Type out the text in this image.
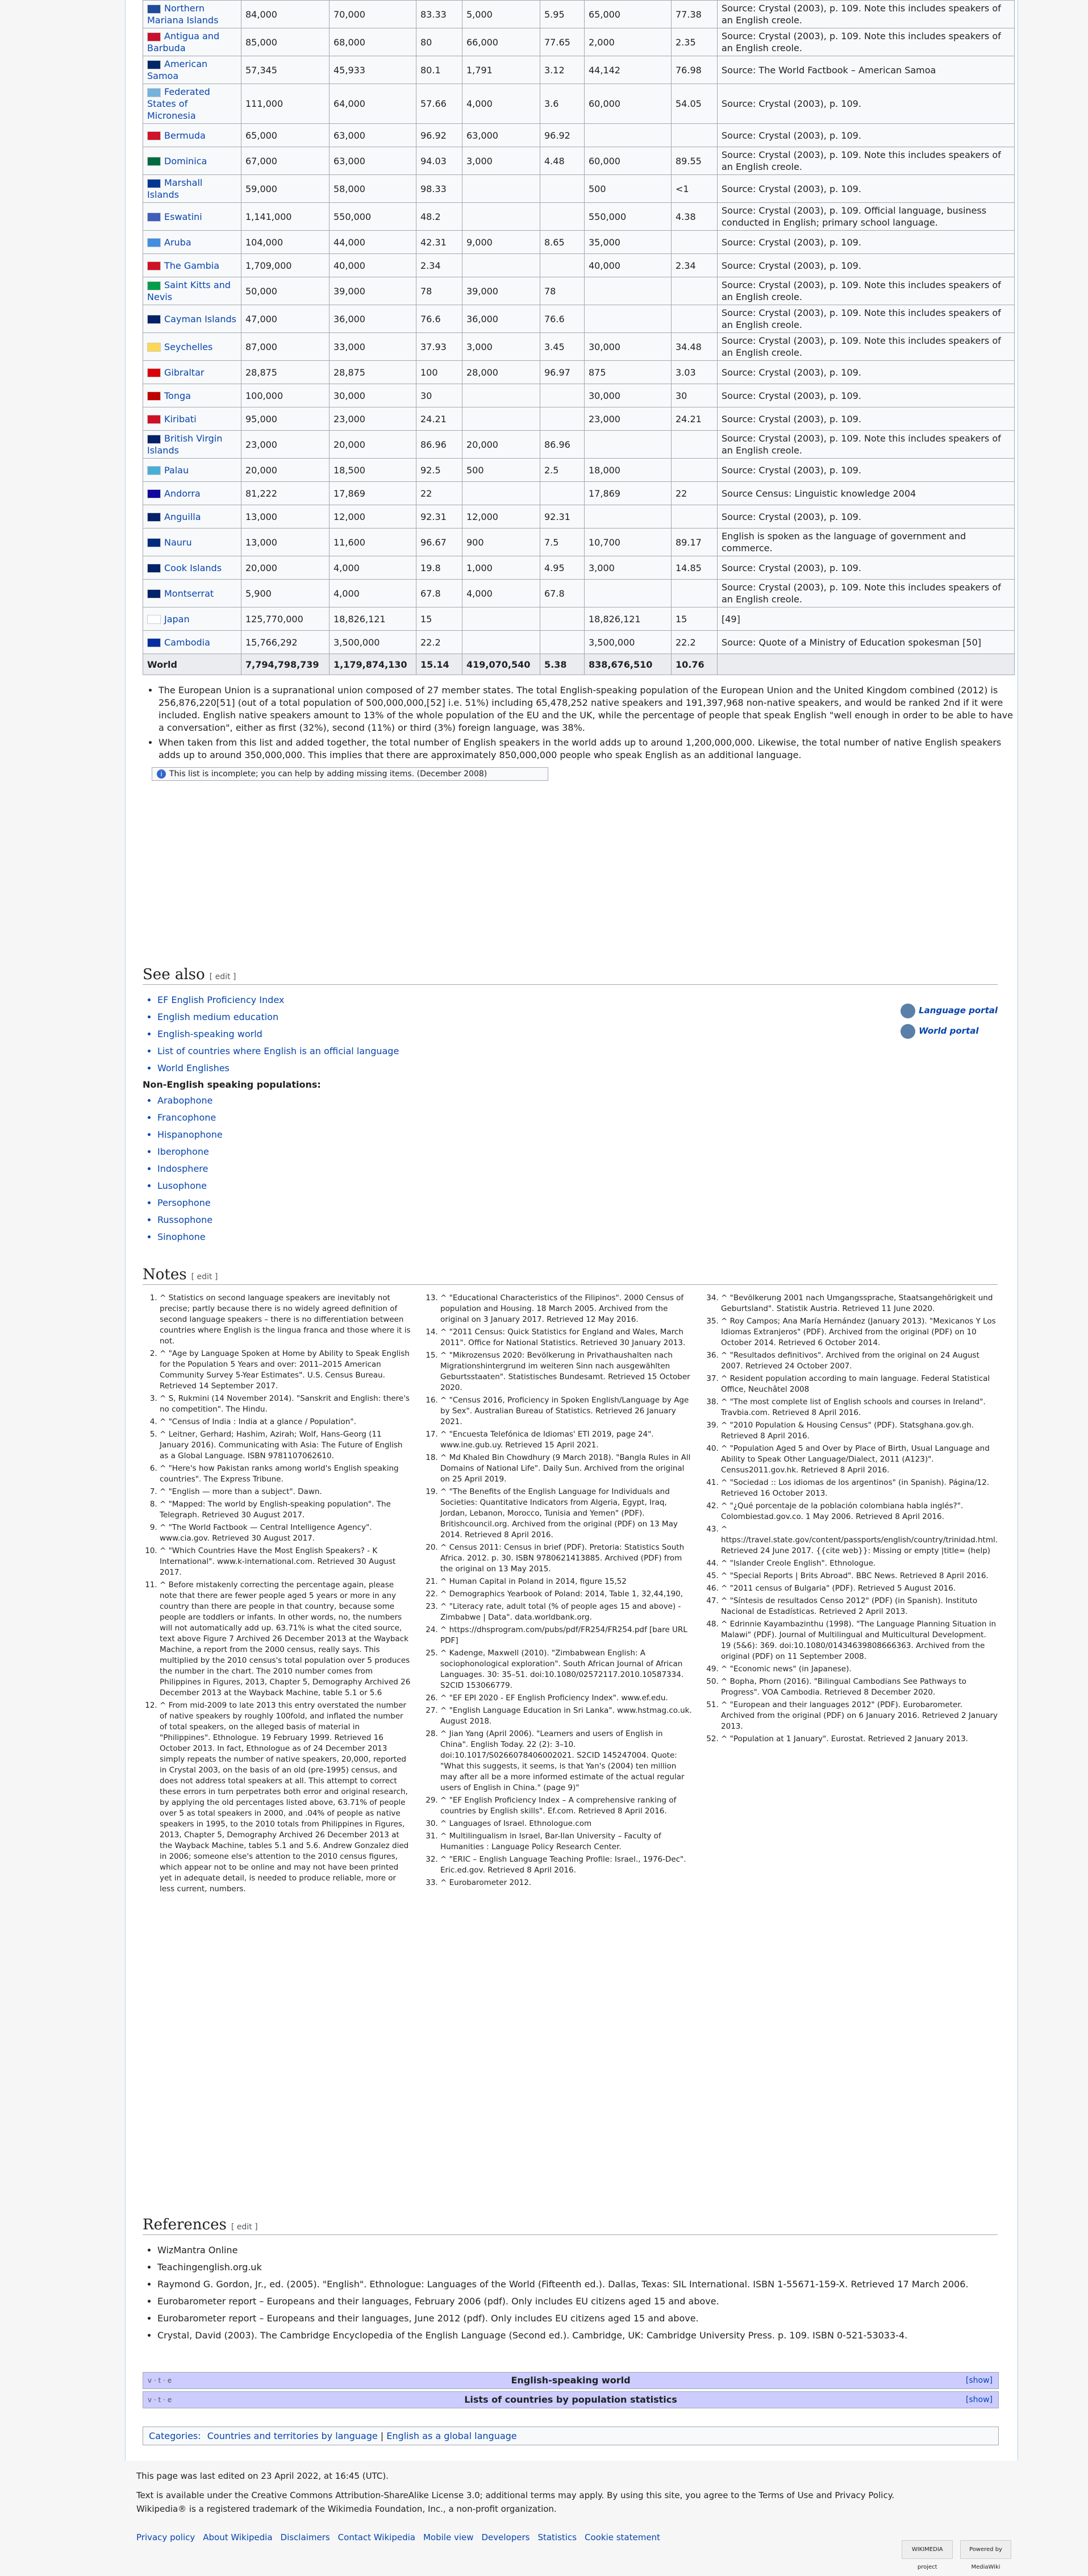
Northern Mariana Islands	84,000	70,000	83.33	5,000	5.95	65,000	77.38	Source: Crystal (2003), p. 109. Note this includes speakers of an English creole.
Antigua and Barbuda	85,000	68,000	80	66,000	77.65	2,000	2.35	Source: Crystal (2003), p. 109. Note this includes speakers of an English creole.
American Samoa	57,345	45,933	80.1	1,791	3.12	44,142	76.98	Source: The World Factbook – American Samoa
Federated States of Micronesia	111,000	64,000	57.66	4,000	3.6	60,000	54.05	Source: Crystal (2003), p. 109.
Bermuda	65,000	63,000	96.92	63,000	96.92			Source: Crystal (2003), p. 109.
Dominica	67,000	63,000	94.03	3,000	4.48	60,000	89.55	Source: Crystal (2003), p. 109. Note this includes speakers of an English creole.
Marshall Islands	59,000	58,000	98.33			500	<1	Source: Crystal (2003), p. 109.
Eswatini	1,141,000	550,000	48.2			550,000	4.38	Source: Crystal (2003), p. 109. Official language, business conducted in English; primary school language.
Aruba	104,000	44,000	42.31	9,000	8.65	35,000		Source: Crystal (2003), p. 109.
The Gambia	1,709,000	40,000	2.34			40,000	2.34	Source: Crystal (2003), p. 109.
Saint Kitts and Nevis	50,000	39,000	78	39,000	78			Source: Crystal (2003), p. 109. Note this includes speakers of an English creole.
Cayman Islands	47,000	36,000	76.6	36,000	76.6			Source: Crystal (2003), p. 109. Note this includes speakers of an English creole.
Seychelles	87,000	33,000	37.93	3,000	3.45	30,000	34.48	Source: Crystal (2003), p. 109. Note this includes speakers of an English creole.
Gibraltar	28,875	28,875	100	28,000	96.97	875	3.03	Source: Crystal (2003), p. 109.
Tonga	100,000	30,000	30			30,000	30	Source: Crystal (2003), p. 109.
Kiribati	95,000	23,000	24.21			23,000	24.21	Source: Crystal (2003), p. 109.
British Virgin Islands	23,000	20,000	86.96	20,000	86.96			Source: Crystal (2003), p. 109. Note this includes speakers of an English creole.
Palau	20,000	18,500	92.5	500	2.5	18,000		Source: Crystal (2003), p. 109.
Andorra	81,222	17,869	22			17,869	22	Source Census: Linguistic knowledge 2004
Anguilla	13,000	12,000	92.31	12,000	92.31			Source: Crystal (2003), p. 109.
Nauru	13,000	11,600	96.67	900	7.5	10,700	89.17	English is spoken as the language of government and commerce.
Cook Islands	20,000	4,000	19.8	1,000	4.95	3,000	14.85	Source: Crystal (2003), p. 109.
Montserrat	5,900	4,000	67.8	4,000	67.8			Source: Crystal (2003), p. 109. Note this includes speakers of an English creole.
Japan	125,770,000	18,826,121	15			18,826,121	15	[49]
Cambodia	15,766,292	3,500,000	22.2			3,500,000	22.2	Source: Quote of a Ministry of Education spokesman [50]
World	7,794,798,739	1,179,874,130	15.14	419,070,540	5.38	838,676,510	10.76	
• The European Union is a supranational union composed of 27 member states. The total English-speaking population of the European Union and the United Kingdom combined (2012) is 256,876,220[51] (out of a total population of 500,000,000,[52] i.e. 51%) including 65,478,252 native speakers and 191,397,968 non-native speakers, and would be ranked 2nd if it were included. English native speakers amount to 13% of the whole population of the EU and the UK, while the percentage of people that speak English "well enough in order to be able to have a conversation", either as first (32%), second (11%) or third (3%) foreign language, was 38%.
• When taken from this list and added together, the total number of English speakers in the world adds up to around 1,200,000,000. Likewise, the total number of native English speakers adds up to around 350,000,000. This implies that there are approximately 850,000,000 people who speak English as an additional language.
i This list is incomplete; you can help by adding missing items. (December 2008)
See also [ edit ]
• EF English Proficiency Index
• English medium education
• English-speaking world
• List of countries where English is an official language
• World Englishes
Non-English speaking populations:
• Arabophone
• Francophone
• Hispanophone
• Iberophone
• Indosphere
• Lusophone
• Persophone
• Russophone
• Sinophone
Language portal
World portal
Notes [ edit ]
1. ^ Statistics on second language speakers are inevitably not precise; partly because there is no widely agreed definition of second language speakers – there is no differentiation between countries where English is the lingua franca and those where it is not.
2. ^ "Age by Language Spoken at Home by Ability to Speak English for the Population 5 Years and over: 2011–2015 American Community Survey 5-Year Estimates". U.S. Census Bureau. Retrieved 14 September 2017.
3. ^ S, Rukmini (14 November 2014). "Sanskrit and English: there's no competition". The Hindu.
4. ^ "Census of India : India at a glance / Population".
5. ^ Leitner, Gerhard; Hashim, Azirah; Wolf, Hans-Georg (11 January 2016). Communicating with Asia: The Future of English as a Global Language. ISBN 9781107062610.
6. ^ "Here's how Pakistan ranks among world's English speaking countries". The Express Tribune.
7. ^ "English — more than a subject". Dawn.
8. ^ "Mapped: The world by English-speaking population". The Telegraph. Retrieved 30 August 2017.
9. ^ "The World Factbook — Central Intelligence Agency". www.cia.gov. Retrieved 30 August 2017.
10. ^ "Which Countries Have the Most English Speakers? - K International". www.k-international.com. Retrieved 30 August 2017.
11. ^ Before mistakenly correcting the percentage again, please note that there are fewer people aged 5 years or more in any country than there are people in that country, because some people are toddlers or infants. In other words, no, the numbers will not automatically add up. 63.71% is what the cited source, text above Figure 7 Archived 26 December 2013 at the Wayback Machine, a report from the 2000 census, really says. This multiplied by the 2010 census's total population over 5 produces the number in the chart. The 2010 number comes from Philippines in Figures, 2013, Chapter 5, Demography Archived 26 December 2013 at the Wayback Machine, table 5.1 or 5.6
12. ^ From mid-2009 to late 2013 this entry overstated the number of native speakers by roughly 100fold, and inflated the number of total speakers, on the alleged basis of material in "Philippines". Ethnologue. 19 February 1999. Retrieved 16 October 2013. In fact, Ethnologue as of 24 December 2013 simply repeats the number of native speakers, 20,000, reported in Crystal 2003, on the basis of an old (pre-1995) census, and does not address total speakers at all. This attempt to correct these errors in turn perpetrates both error and original research, by applying the old percentages listed above, 63.71% of people over 5 as total speakers in 2000, and .04% of people as native speakers in 1995, to the 2010 totals from Philippines in Figures, 2013, Chapter 5, Demography Archived 26 December 2013 at the Wayback Machine, tables 5.1 and 5.6. Andrew Gonzalez died in 2006; someone else's attention to the 2010 census figures, which appear not to be online and may not have been printed yet in adequate detail, is needed to produce reliable, more or less current, numbers.
13. ^ "Educational Characteristics of the Filipinos". 2000 Census of population and Housing. 18 March 2005. Archived from the original on 3 January 2017. Retrieved 12 May 2016.
14. ^ "2011 Census: Quick Statistics for England and Wales, March 2011". Office for National Statistics. Retrieved 30 January 2013.
15. ^ "Mikrozensus 2020: Bevölkerung in Privathaushalten nach Migrationshintergrund im weiteren Sinn nach ausgewählten Geburtsstaaten". Statistisches Bundesamt. Retrieved 15 October 2020.
16. ^ "Census 2016, Proficiency in Spoken English/Language by Age by Sex". Australian Bureau of Statistics. Retrieved 26 January 2021.
17. ^ "Encuesta Telefónica de Idiomas' ETI 2019, page 24". www.ine.gub.uy. Retrieved 15 April 2021.
18. ^ Md Khaled Bin Chowdhury (9 March 2018). "Bangla Rules in All Domains of National Life". Daily Sun. Archived from the original on 25 April 2019.
19. ^ "The Benefits of the English Language for Individuals and Societies: Quantitative Indicators from Algeria, Egypt, Iraq, Jordan, Lebanon, Morocco, Tunisia and Yemen" (PDF). Britishcouncil.org. Archived from the original (PDF) on 13 May 2014. Retrieved 8 April 2016.
20. ^ Census 2011: Census in brief (PDF). Pretoria: Statistics South Africa. 2012. p. 30. ISBN 9780621413885. Archived (PDF) from the original on 13 May 2015.
21. ^ Human Capital in Poland in 2014, figure 15,52
22. ^ Demographics Yearbook of Poland: 2014, Table 1, 32,44,190,
23. ^ "Literacy rate, adult total (% of people ages 15 and above) - Zimbabwe | Data". data.worldbank.org.
24. ^ https://dhsprogram.com/pubs/pdf/FR254/FR254.pdf [bare URL PDF]
25. ^ Kadenge, Maxwell (2010). "Zimbabwean English: A sociophonological exploration". South African Journal of African Languages. 30: 35–51. doi:10.1080/02572117.2010.10587334. S2CID 153066779.
26. ^ "EF EPI 2020 - EF English Proficiency Index". www.ef.edu.
27. ^ "English Language Education in Sri Lanka". www.hstmag.co.uk. August 2018.
28. ^ Jian Yang (April 2006). "Learners and users of English in China". English Today. 22 (2): 3–10. doi:10.1017/S0266078406002021. S2CID 145247004. Quote: "What this suggests, it seems, is that Yan's (2004) ten million may after all be a more informed estimate of the actual regular users of English in China." (page 9)"
29. ^ "EF English Proficiency Index – A comprehensive ranking of countries by English skills". Ef.com. Retrieved 8 April 2016.
30. ^ Languages of Israel. Ethnologue.com
31. ^ Multilingualism in Israel, Bar-Ilan University – Faculty of Humanities : Language Policy Research Center.
32. ^ "ERIC – English Language Teaching Profile: Israel., 1976-Dec". Eric.ed.gov. Retrieved 8 April 2016.
33. ^ Eurobarometer 2012.
34. ^ "Bevölkerung 2001 nach Umgangssprache, Staatsangehörigkeit und Geburtsland". Statistik Austria. Retrieved 11 June 2020.
35. ^ Roy Campos; Ana María Hernández (January 2013). "Mexicanos Y Los Idiomas Extranjeros" (PDF). Archived from the original (PDF) on 10 October 2014. Retrieved 6 October 2014.
36. ^ "Resultados definitivos". Archived from the original on 24 August 2007. Retrieved 24 October 2007.
37. ^ Resident population according to main language. Federal Statistical Office, Neuchâtel 2008
38. ^ "The most complete list of English schools and courses in Ireland". Travbia.com. Retrieved 8 April 2016.
39. ^ "2010 Population & Housing Census" (PDF). Statsghana.gov.gh. Retrieved 8 April 2016.
40. ^ "Population Aged 5 and Over by Place of Birth, Usual Language and Ability to Speak Other Language/Dialect, 2011 (A123)". Census2011.gov.hk. Retrieved 8 April 2016.
41. ^ "Sociedad :: Los idiomas de los argentinos" (in Spanish). Página/12. Retrieved 16 October 2013.
42. ^ "¿Qué porcentaje de la población colombiana habla inglés?". Colombiestad.gov.co. 1 May 2006. Retrieved 8 April 2016.
43. ^ https://travel.state.gov/content/passports/english/country/trinidad.html. Retrieved 24 June 2017. {{cite web}}: Missing or empty |title= (help)
44. ^ "Islander Creole English". Ethnologue.
45. ^ "Special Reports | Brits Abroad". BBC News. Retrieved 8 April 2016.
46. ^ "2011 census of Bulgaria" (PDF). Retrieved 5 August 2016.
47. ^ "Síntesis de resultados Censo 2012" (PDF) (in Spanish). Instituto Nacional de Estadísticas. Retrieved 2 April 2013.
48. ^ Edrinnie Kayambazinthu (1998). "The Language Planning Situation in Malawi" (PDF). Journal of Multilingual and Multicultural Development. 19 (5&6): 369. doi:10.1080/01434639808666363. Archived from the original (PDF) on 11 September 2008.
49. ^ "Economic news" (in Japanese).
50. ^ Bopha, Phorn (2016). "Bilingual Cambodians See Pathways to Progress". VOA Cambodia. Retrieved 8 December 2020.
51. ^ "European and their languages 2012" (PDF). Eurobarometer. Archived from the original (PDF) on 6 January 2016. Retrieved 2 January 2013.
52. ^ "Population at 1 January". Eurostat. Retrieved 2 January 2013.
References [ edit ]
• WizMantra Online
• Teachingenglish.org.uk
• Raymond G. Gordon, Jr., ed. (2005). "English". Ethnologue: Languages of the World (Fifteenth ed.). Dallas, Texas: SIL International. ISBN 1-55671-159-X. Retrieved 17 March 2006.
• Eurobarometer report – Europeans and their languages, February 2006 (pdf). Only includes EU citizens aged 15 and above.
• Eurobarometer report – Europeans and their languages, June 2012 (pdf). Only includes EU citizens aged 15 and above.
• Crystal, David (2003). The Cambridge Encyclopedia of the English Language (Second ed.). Cambridge, UK: Cambridge University Press. p. 109. ISBN 0-521-53033-4.
v · t · e	English-speaking world	[show]
v · t · e	Lists of countries by population statistics	[show]
Categories: Countries and territories by language | English as a global language
This page was last edited on 23 April 2022, at 16:45 (UTC).
Text is available under the Creative Commons Attribution-ShareAlike License 3.0; additional terms may apply. By using this site, you agree to the Terms of Use and Privacy Policy. Wikipedia® is a registered trademark of the Wikimedia Foundation, Inc., a non-profit organization.
Privacy policy About Wikipedia Disclaimers Contact Wikipedia Mobile view Developers Statistics Cookie statement
WIKIMEDIA project Powered by MediaWiki
